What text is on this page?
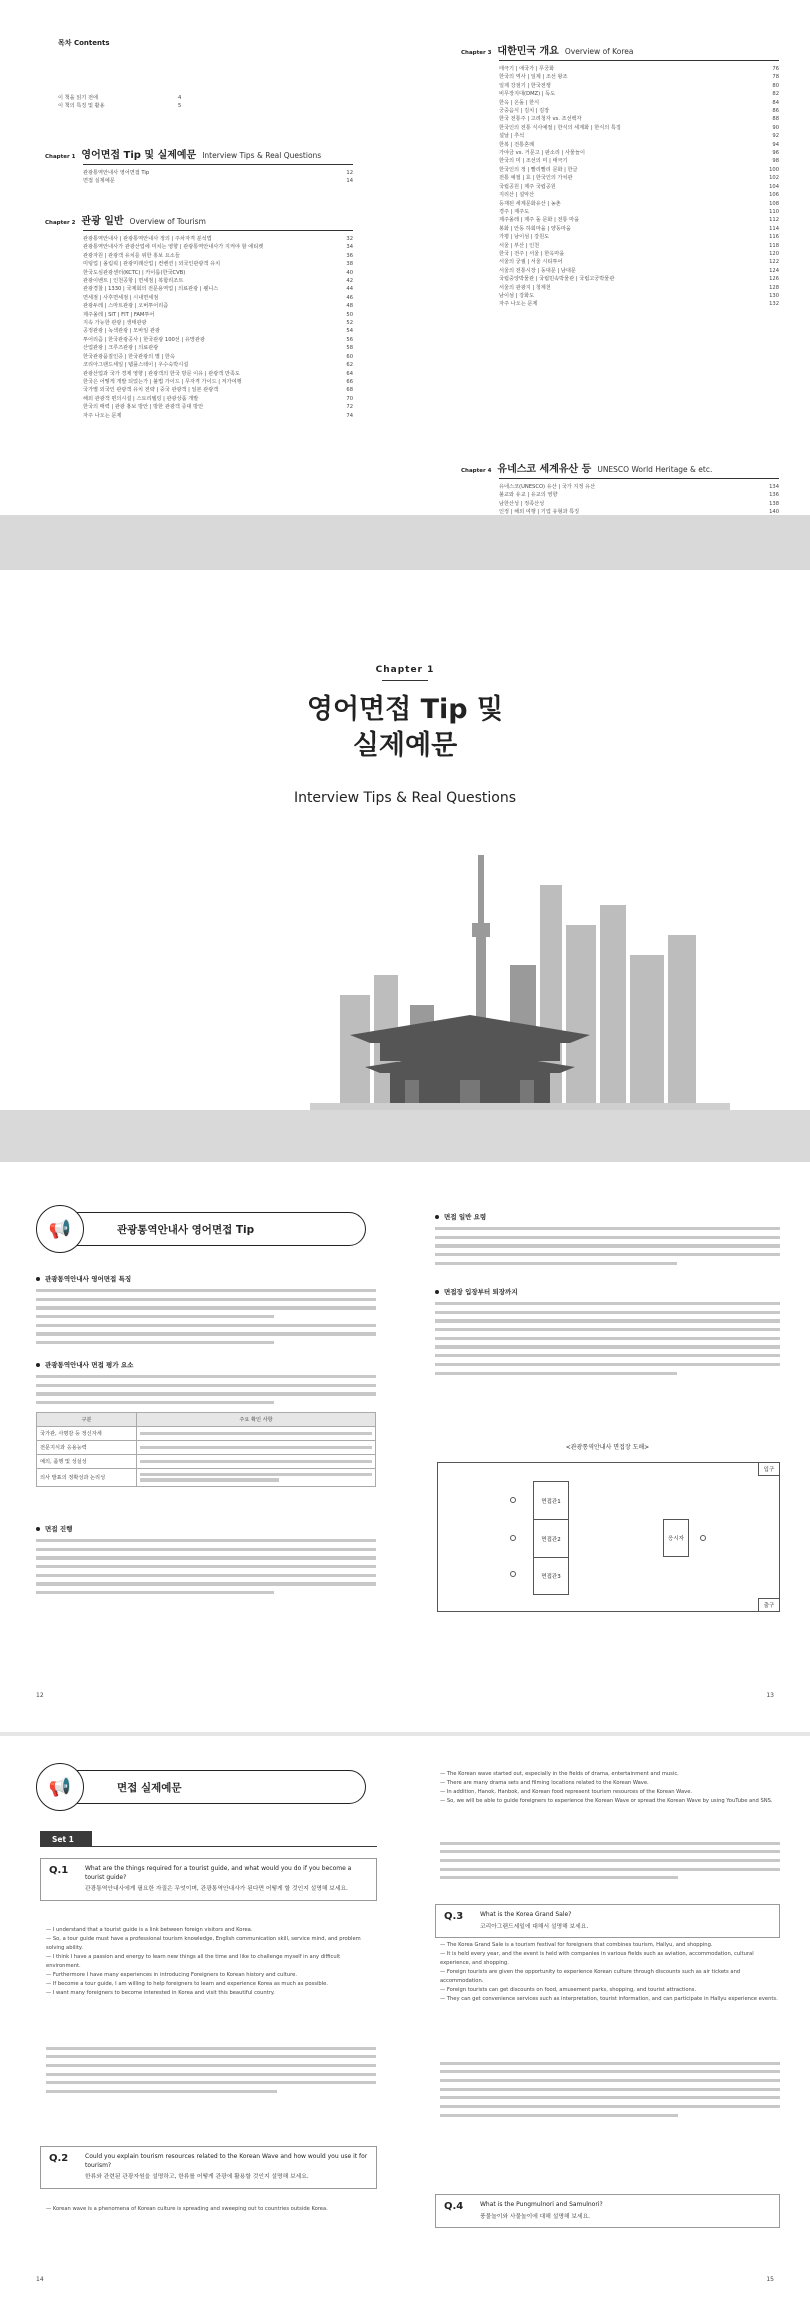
목차 Contents
이 책을 읽기 전에	4
이 책의 특징 및 활용	5
Chapter 1 영어면접 Tip 및 실제예문 Interview Tips & Real Questions
관광통역안내사 영어면접 Tip	12
면접 실제예문	14
Chapter 2 관광 일반 Overview of Tourism
관광통역안내사 | 관광통역안내사 정의 | 주차자격 분석법	32
관광통역안내사가 관광산업에 미치는 영향 | 관광통역안내사가 지켜야 할 에티켓	34
관광자원 | 관광객 유치를 위한 홍보 요소들	36
미팅업 | 올림픽 | 관광미래산업 | 컨벤션 | 외국인관광객 유치	38
한국도심관광센터(KCTC) | 카이룸(한국CVB)	40
관광이벤트 | 인천공항 | 면세점 | 복합리조트	42
관광경찰 | 1330 | 국제회의 전문용역업 | 의료관광 | 웰니스	44
면세점 | 사후면세점 | 시내면세점	46
관광두레 | 스마트관광 | 오버투어리즘	48
제주올레 | SIT | FIT | FAM투어	50
지속 가능한 관광 | 생태관광	52
공정관광 | 녹색관광 | 모바일 관광	54
투어리즘 | 한국관광공사 | 한국관광 100선 | 유망관광	56
산업관광 | 크루즈관광 | 의료관광	58
한국관광품질인증 | 한국관광의 별 | 한옥	60
코리아그랜드세일 | 템플스테이 | 우수숙박시설	62
관광산업과 국가 경제 영향 | 관광객의 한국 방문 이유 | 관광객 만족도	64
한국은 어떻게 개발 되었는가 | 불법 가이드 | 무자격 가이드 | 저가여행	66
국가별 외국인 관광객 유치 전략 | 중국 관광객 | 일본 관광객	68
해외 관광객 편의시설 | 스토리텔링 | 관광상품 개발	70
한국의 매력 | 관광 홍보 방안 | 방한 관광객 증대 방안	72
자주 나오는 문제	74
Chapter 3 대한민국 개요 Overview of Korea
태극기 | 애국가 | 무궁화	76
한국의 역사 | 일제 | 조선 왕조	78
일제 강점기 | 한국전쟁	80
비무장지대(DMZ) | 독도	82
한옥 | 온돌 | 한식	84
궁중음식 | 김치 | 김장	86
한국 전통주 | 고려청자 vs. 조선백자	88
한국인의 전통 식사예절 | 한식의 세계화 | 한식의 특징	90
설날 | 추석	92
한복 | 전통혼례	94
가야금 vs. 거문고 | 판소리 | 사물놀이	96
한국의 미 | 조선의 미 | 태극기	98
한국인의 정 | 빨리빨리 문화 | 한글	100
전통 예절 | 효 | 한국인의 가치관	102
국립공원 | 제주 국립공원	104
지리산 | 설악산	106
등재된 세계문화유산 | 농촌	108
경주 | 제주도	110
제주올레 | 제주 돌 문화 | 전통 마을	112
봉화 | 안동 하회마을 | 양동마을	114
가평 | 남이섬 | 강원도	116
서울 | 부산 | 인천	118
한국 | 전주 | 서울 | 한옥마을	120
서울의 궁궐 | 서울 시티투어	122
서울의 전통시장 | 동대문 | 남대문	124
국립중앙박물관 | 국립민속박물관 | 국립고궁박물관	126
서울의 관광지 | 청계천	128
남이섬 | 강화도	130
자주 나오는 문제	132
Chapter 4 유네스코 세계유산 등 UNESCO World Heritage & etc.
유네스코(UNESCO) 유산 | 국가 지정 유산	134
불교와 유교 | 유교의 영향	136
남한산성 | 정족산성	138
인정 | 해외 여행 | 기업 유형과 특징	140
Chapter 1
영어면접 Tip 및
실제예문
Interview Tips & Real Questions
📢	관광통역안내사 영어면접 Tip
관광통역안내사 영어면접 특징
관광통역안내사 면접 평가 요소
구분	주요 확인 사항
국가관, 사명감 등 정신자세	

전문지식과 응용능력	

예의, 품행 및 성실성	

의사 발표의 정확성과 논리성	
면접 진행
12
면접 일반 요령
면접장 입장부터 퇴장까지
<관광통역안내사 면접장 도해>
입구
출구
면접관1
면접관2
면접관3
응시자
13
📢	면접 실제예문
Set 1
Q.1	What are the things required for a tourist guide, and what would you do if you become a tourist guide?
관광통역안내사에게 필요한 자질은 무엇이며, 관광통역안내사가 된다면 어떻게 할 것인지 설명해 보세요.
— I understand that a tourist guide is a link between foreign visitors and Korea.
— So, a tour guide must have a professional tourism knowledge, English communication skill, service mind, and problem solving ability.
— I think I have a passion and energy to learn new things all the time and like to challenge myself in any difficult environment.
— Furthermore I have many experiences in introducing Foreigners to Korean history and culture.
— If become a tour guide, I am willing to help foreigners to learn and experience Korea as much as possible.
— I want many foreigners to become interested in Korea and visit this beautiful country.
Q.2	Could you explain tourism resources related to the Korean Wave and how would you use it for tourism?
한류와 관련된 관광자원을 설명하고, 한류를 어떻게 관광에 활용할 것인지 설명해 보세요.
— Korean wave is a phenomena of Korean culture is spreading and sweeping out to countries outside Korea.
14
— The Korean wave started out, especially in the fields of drama, entertainment and music.
— There are many drama sets and filming locations related to the Korean Wave.
— In addition, Hanok, Hanbok, and Korean food represent tourism resources of the Korean Wave.
— So, we will be able to guide foreigners to experience the Korean Wave or spread the Korean Wave by using YouTube and SNS.
Q.3	What is the Korea Grand Sale?
코리아그랜드세일에 대해서 설명해 보세요.
— The Korea Grand Sale is a tourism festival for foreigners that combines tourism, Hallyu, and shopping.
— It is held every year, and the event is held with companies in various fields such as aviation, accommodation, cultural experience, and shopping.
— Foreign tourists are given the opportunity to experience Korean culture through discounts such as air tickets and accommodation.
— Foreign tourists can get discounts on food, amusement parks, shopping, and tourist attractions.
— They can get convenience services such as interpretation, tourist information, and can participate in Hallyu experience events.
Q.4	What is the Pungmulnori and Samulnori?
풍물놀이와 사물놀이에 대해 설명해 보세요.
15
